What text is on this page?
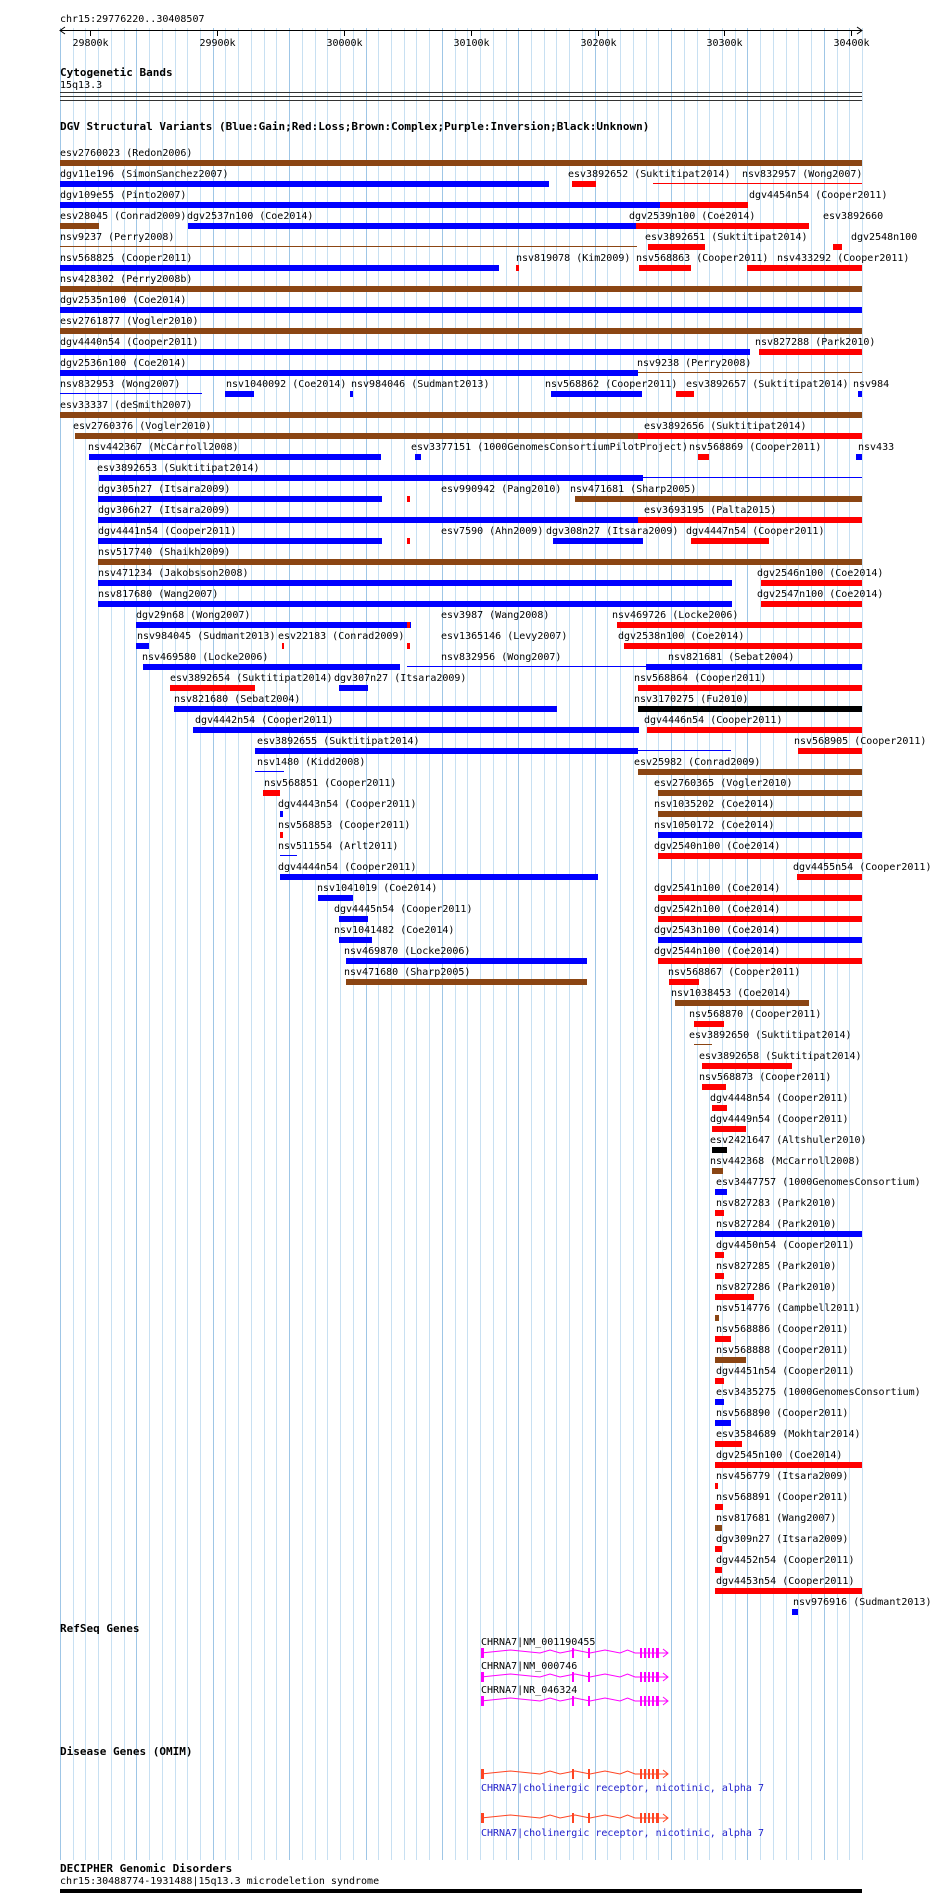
chr15:29776220..30408507
29800k	29900k	30000k	30100k	30200k	30300k	30400k
Cytogenetic Bands
15q13.3
DGV Structural Variants (Blue:Gain;Red:Loss;Brown:Complex;Purple:Inversion;Black:Unknown)
esv2760023 (Redon2006)
dgv11e196 (SimonSanchez2007)	esv3892652 (Suktitipat2014) nsv832957 (Wong2007)
dgv109e55 (Pinto2007)	dgv4454n54 (Cooper2011)
esv28045 (Conrad2009) dgv2537n100 (Coe2014)	dgv2539n100 (Coe2014)	esv3892660
nsv9237 (Perry2008)	esv3892651 (Suktitipat2014)	dgv2548n100
nsv568825 (Cooper2011)	nsv819078 (Kim2009) nsv568863 (Cooper2011) nsv433292 (Cooper2011)
nsv428302 (Perry2008b)
dgv2535n100 (Coe2014)
esv2761877 (Vogler2010)
dgv4440n54 (Cooper2011)	nsv827288 (Park2010)
dgv2536n100 (Coe2014)	nsv9238 (Perry2008)
nsv832953 (Wong2007)	nsv1040092 (Coe2014) nsv984046 (Sudmant2013)	nsv568862 (Cooper2011) esv3892657 (Suktitipat2014) nsv984
esv33337 (deSmith2007)
esv2760376 (Vogler2010)	esv3892656 (Suktitipat2014)
nsv442367 (McCarroll2008)	esv3377151 (1000GenomesConsortiumPilotProject) nsv568869 (Cooper2011)	nsv433
esv3892653 (Suktitipat2014)
dgv305n27 (Itsara2009)	esv990942 (Pang2010) nsv471681 (Sharp2005)
dgv306n27 (Itsara2009)	esv3693195 (Palta2015)
dgv4441n54 (Cooper2011)	esv7590 (Ahn2009) dgv308n27 (Itsara2009) dgv4447n54 (Cooper2011)
nsv517740 (Shaikh2009)
nsv471234 (Jakobsson2008)	dgv2546n100 (Coe2014)
nsv817680 (Wang2007)	dgv2547n100 (Coe2014)
dgv29n68 (Wong2007)	esv3987 (Wang2008)	nsv469726 (Locke2006)
nsv984045 (Sudmant2013) esv22183 (Conrad2009)	esv1365146 (Levy2007)	dgv2538n100 (Coe2014)
nsv469580 (Locke2006)	nsv832956 (Wong2007)	nsv821681 (Sebat2004)
esv3892654 (Suktitipat2014) dgv307n27 (Itsara2009)	nsv568864 (Cooper2011)
nsv821680 (Sebat2004)	nsv3170275 (Fu2010)
dgv4442n54 (Cooper2011)	dgv4446n54 (Cooper2011)
esv3892655 (Suktitipat2014)	nsv568905 (Cooper2011)
nsv1480 (Kidd2008)	esv25982 (Conrad2009)
nsv568851 (Cooper2011)	esv2760365 (Vogler2010)
dgv4443n54 (Cooper2011)	nsv1035202 (Coe2014)
nsv568853 (Cooper2011)	nsv1050172 (Coe2014)
nsv511554 (Arlt2011)	dgv2540n100 (Coe2014)
dgv4444n54 (Cooper2011)	dgv4455n54 (Cooper2011)
nsv1041019 (Coe2014)	dgv2541n100 (Coe2014)
dgv4445n54 (Cooper2011)	dgv2542n100 (Coe2014)
nsv1041482 (Coe2014)	dgv2543n100 (Coe2014)
nsv469870 (Locke2006)	dgv2544n100 (Coe2014)
nsv471680 (Sharp2005)	nsv568867 (Cooper2011)
nsv1038453 (Coe2014)
nsv568870 (Cooper2011)
esv3892650 (Suktitipat2014)
esv3892658 (Suktitipat2014)
nsv568873 (Cooper2011)
dgv4448n54 (Cooper2011)
dgv4449n54 (Cooper2011)
esv2421647 (Altshuler2010)
nsv442368 (McCarroll2008)
esv3447757 (1000GenomesConsortium)
nsv827283 (Park2010)
nsv827284 (Park2010)
dgv4450n54 (Cooper2011)
nsv827285 (Park2010)
nsv827286 (Park2010)
nsv514776 (Campbell2011)
nsv568886 (Cooper2011)
nsv568888 (Cooper2011)
dgv4451n54 (Cooper2011)
esv3435275 (1000GenomesConsortium)
nsv568890 (Cooper2011)
esv3584689 (Mokhtar2014)
dgv2545n100 (Coe2014)
nsv456779 (Itsara2009)
nsv568891 (Cooper2011)
nsv817681 (Wang2007)
dgv309n27 (Itsara2009)
dgv4452n54 (Cooper2011)
dgv4453n54 (Cooper2011)
nsv976916 (Sudmant2013)
RefSeq Genes
CHRNA7|NM_001190455
CHRNA7|NM_000746
CHRNA7|NR_046324
Disease Genes (OMIM)
CHRNA7|cholinergic receptor, nicotinic, alpha 7
CHRNA7|cholinergic receptor, nicotinic, alpha 7
DECIPHER Genomic Disorders
chr15:30488774-1931488|15q13.3 microdeletion syndrome
